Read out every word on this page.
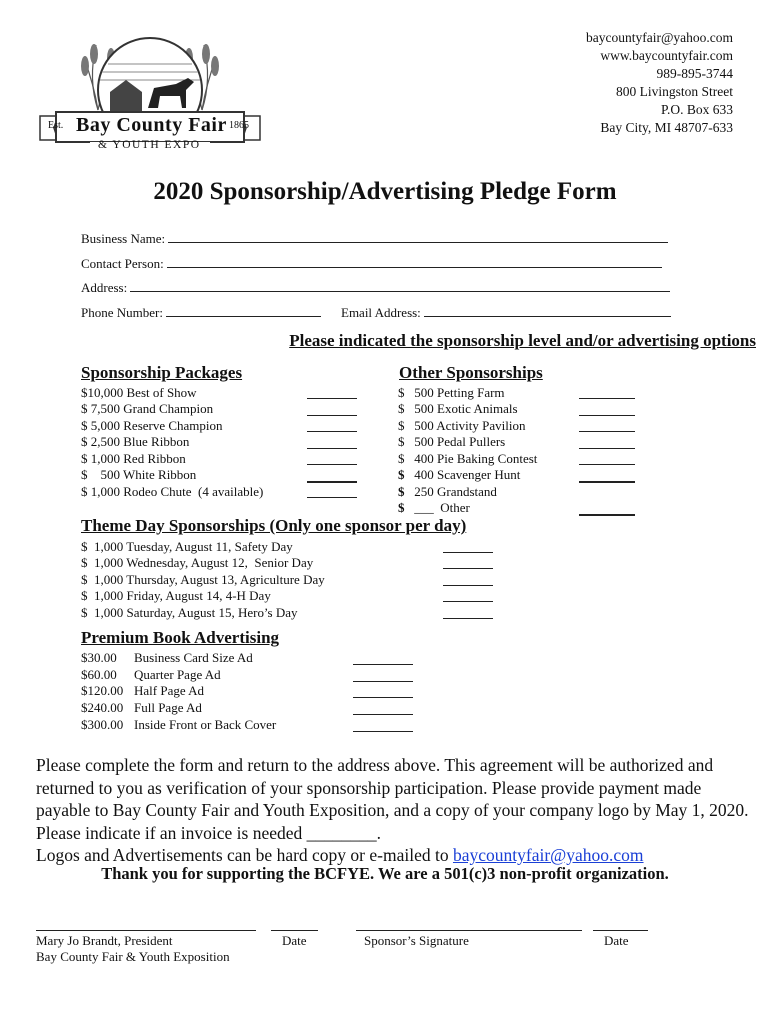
Est. Bay County Fair 1865
& YOUTH EXPO
baycountyfair@yahoo.com
www.baycountyfair.com
989-895-3744
800 Livingston Street
P.O. Box 633
Bay City, MI 48707-633
2020 Sponsorship/Advertising Pledge Form
Business Name:
Contact Person:
Address:
Phone Number:	Email Address:
Please indicated the sponsorship level and/or advertising options
Sponsorship Packages
$10,000 Best of Show
$ 7,500 Grand Champion
$ 5,000 Reserve Champion
$ 2,500 Blue Ribbon
$ 1,000 Red Ribbon
$    500 White Ribbon
$ 1,000 Rodeo Chute  (4 available)
Other Sponsorships
$ 500 Petting Farm
$ 500 Exotic Animals
$ 500 Activity Pavilion
$ 500 Pedal Pullers
$ 400 Pie Baking Contest
$ 400 Scavenger Hunt
$ 250 Grandstand
$ ___ Other
Theme Day Sponsorships (Only one sponsor per day)
$  1,000 Tuesday, August 11, Safety Day
$  1,000 Wednesday, August 12,  Senior Day
$  1,000 Thursday, August 13, Agriculture Day
$  1,000 Friday, August 14, 4-H Day
$  1,000 Saturday, August 15, Hero’s Day
Premium Book Advertising
$30.00 Business Card Size Ad
$60.00 Quarter Page Ad
$120.00 Half Page Ad
$240.00 Full Page Ad
$300.00 Inside Front or Back Cover
Please complete the form and return to the address above. This agreement will be authorized and returned to you as verification of your sponsorship participation. Please provide payment made payable to Bay County Fair and Youth Exposition, and a copy of your company logo by May 1, 2020. Please indicate if an invoice is needed ________.
Logos and Advertisements can be hard copy or e-mailed to baycountyfair@yahoo.com
Thank you for supporting the BCFYE. We are a 501(c)3 non-profit organization.
Mary Jo Brandt, President
Bay County Fair & Youth Exposition
Date	Sponsor’s Signature	Date
